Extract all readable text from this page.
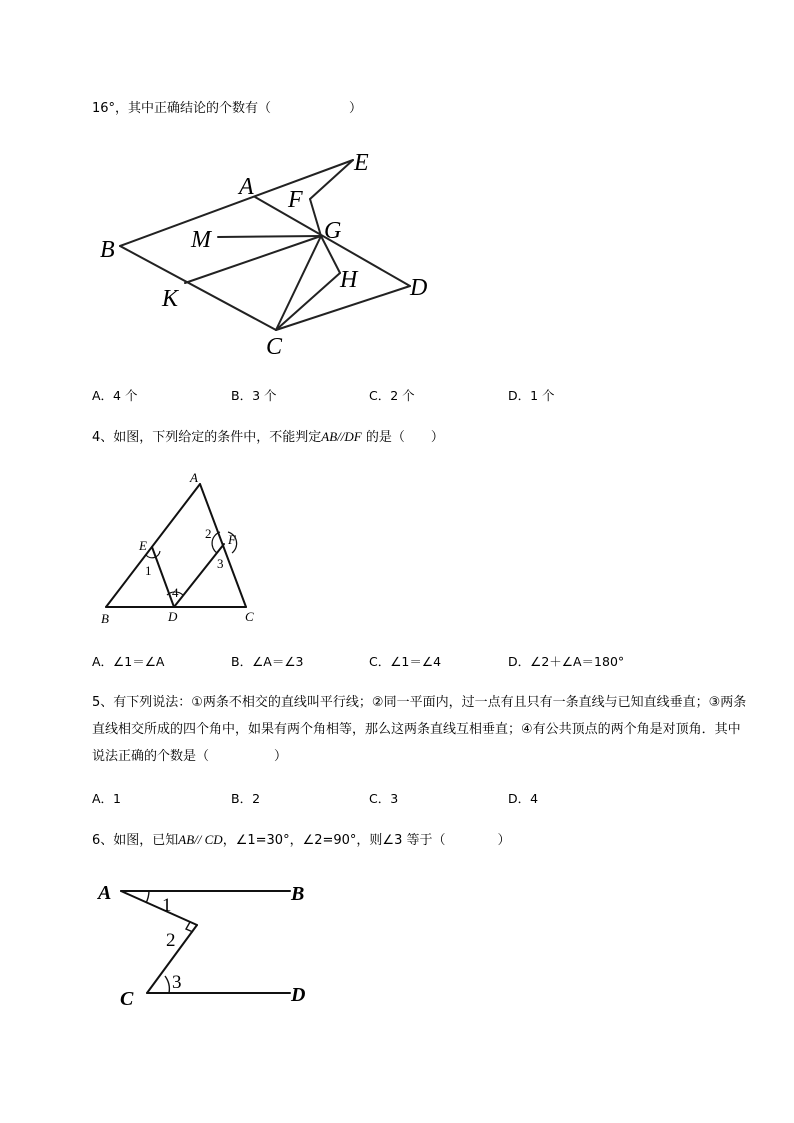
16°，其中正确结论的个数有（　　　　　　）
A
B
C
D
E
F
G
H
K
M
A．4 个	B．3 个	C．2 个	D．1 个
4、如图，下列给定的条件中，不能判定AB//DF 的是（　　）
A
B	C
D
E	F
1
2
3
4
A．∠1＝∠A	B．∠A＝∠3	C．∠1＝∠4	D．∠2＋∠A＝180°
5、有下列说法：①两条不相交的直线叫平行线；②同一平面内，过一点有且只有一条直线与已知直线垂直；③两条直线相交所成的四个角中，如果有两个角相等，那么这两条直线互相垂直；④有公共顶点的两个角是对顶角．其中说法正确的个数是（　　　　　）
A．1	B．2	C．3	D．4
6、如图，已知AB// CD，∠1=30°，∠2=90°，则∠3 等于（　　　　）
A	B
C	D
1
2
3
